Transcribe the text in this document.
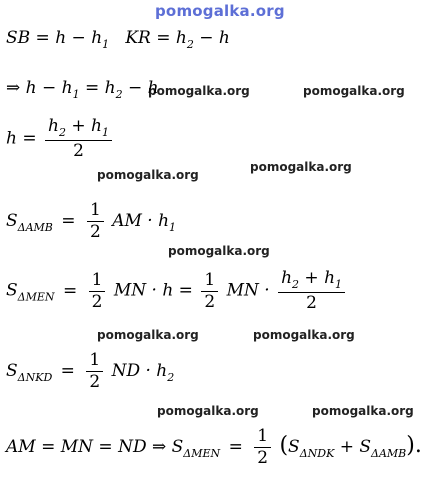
pomogalka.org
pomogalka.org	pomogalka.org
pomogalka.org
pomogalka.org
pomogalka.org
pomogalka.org	pomogalka.org
pomogalka.org	pomogalka.org
SB = $h - h_1$ KR = $h_2 - h$
⇒ $h - h_1 = h_2 - h$
$h = \frac{h_2 + h_1}{2}$
$S_{\Delta AMB} = \frac{1}{2}$ AM · $h_1$
$S_{\Delta MEN} = \frac{1}{2}$ MN · $h = \frac{1}{2}$ MN · $\frac{h_2 + h_1}{2}$
$S_{\Delta NKD} = \frac{1}{2}$ ND · $h_2$
AM = MN = ND ⇒ $S_{\Delta MEN} = \frac{1}{2} (S_{\Delta NDK} + S_{\Delta AMB})$.
